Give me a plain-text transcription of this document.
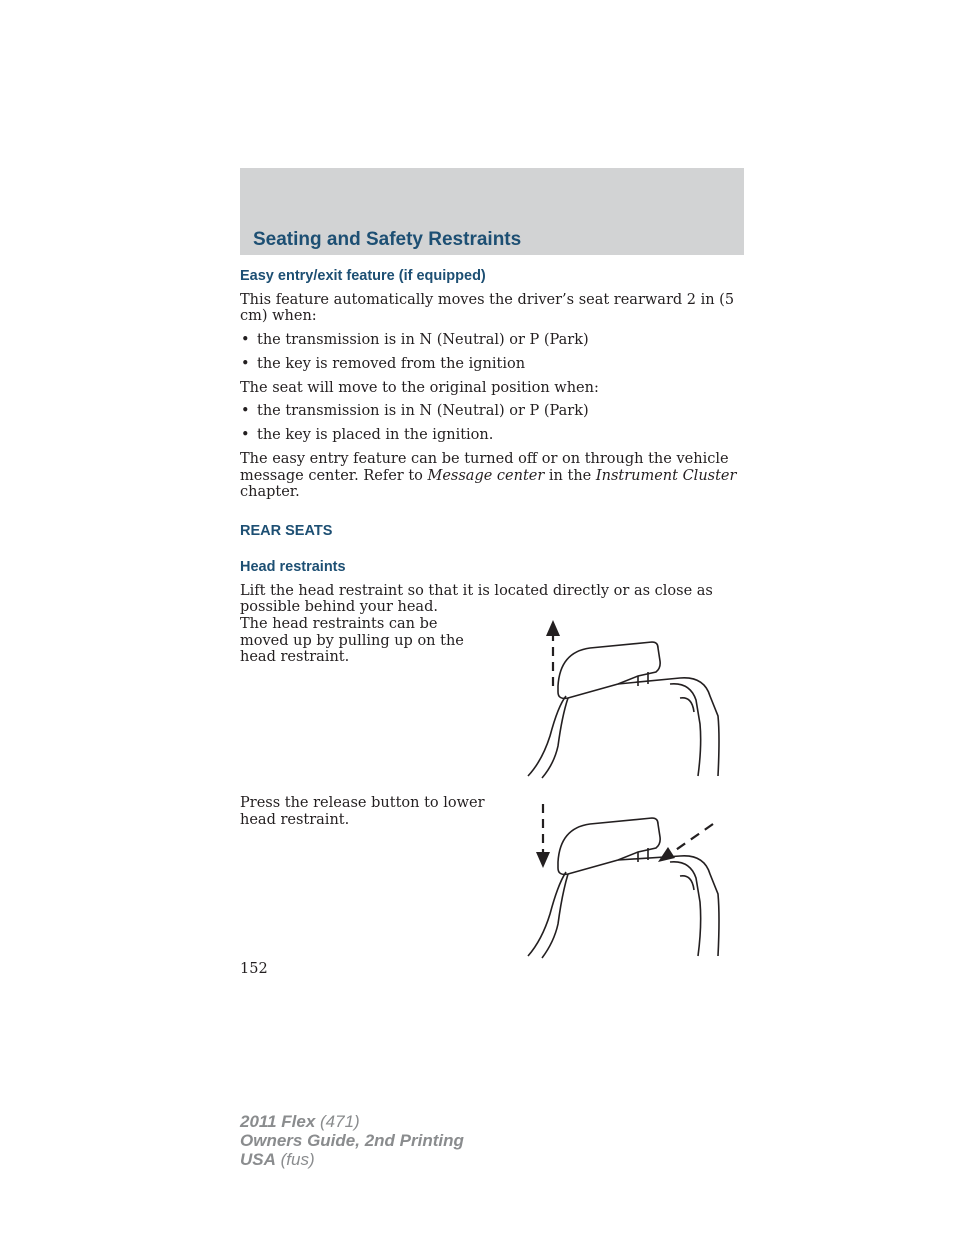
Seating and Safety Restraints
Easy entry/exit feature (if equipped)

This feature automatically moves the driver’s seat rearward 2 in (5 cm) when:

• the transmission is in N (Neutral) or P (Park)
• the key is removed from the ignition

The seat will move to the original position when:

• the transmission is in N (Neutral) or P (Park)
• the key is placed in the ignition.

The easy entry feature can be turned off or on through the vehicle message center. Refer to Message center in the Instrument Cluster chapter.

REAR SEATS
Head restraints

Lift the head restraint so that it is located directly or as close as possible behind your head.

The head restraints can be moved up by pulling up on the head restraint.
Press the release button to lower head restraint.
152
2011 Flex (471)
Owners Guide, 2nd Printing
USA (fus)
